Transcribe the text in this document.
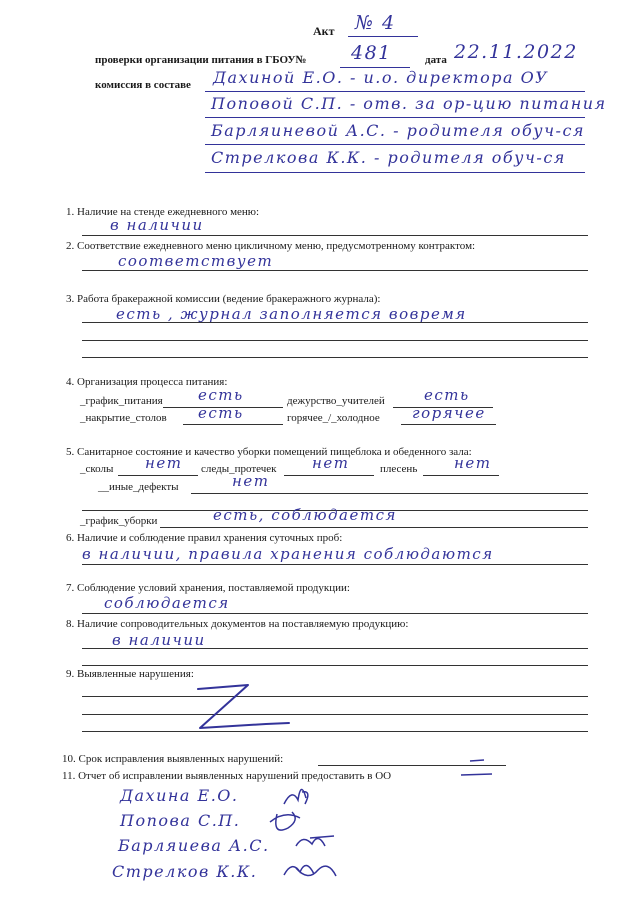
Акт № 4
проверки организации питания в ГБОУ№ 481	дата 22.11.2022
комиссия в составе Дахиной Е.О. - и.о. директора ОУ
Поповой С.П. - отв. за ор-цию питания
Барляиневой А.С. - родителя обуч-ся
Стрелкова К.К. - родителя обуч-ся
1. Наличие на стенде ежедневного меню:
в наличии
2. Соответствие ежедневного меню цикличному меню, предусмотренному контрактом:
соответствует
3. Работа бракеражной комиссии (ведение бракеражного журнала):
есть , журнал заполняется вовремя
4. Организация процесса питания:
_график_питания есть	дежурство_учителей	есть
_накрытие_столов есть	горячее_/_холодное горячее
5. Санитарное состояние и качество уборки помещений пищеблока и обеденного зала:
_сколы нет следы_протечек нет	плесень нет
__иные_дефекты	нет
_график_уборки	есть, соблюдается
6. Наличие и соблюдение правил хранения суточных проб:
в наличии, правила хранения соблюдаются
7. Соблюдение условий хранения, поставляемой продукции:
соблюдается
8. Наличие сопроводительных документов на поставляемую продукцию:
в наличии
9. Выявленные нарушения:
10. Срок исправления выявленных нарушений:
11. Отчет об исправлении выявленных нарушений предоставить в ОО
Дахина Е.О.
Попова С.П.
Барляиева А.С.
Стрелков К.К.
